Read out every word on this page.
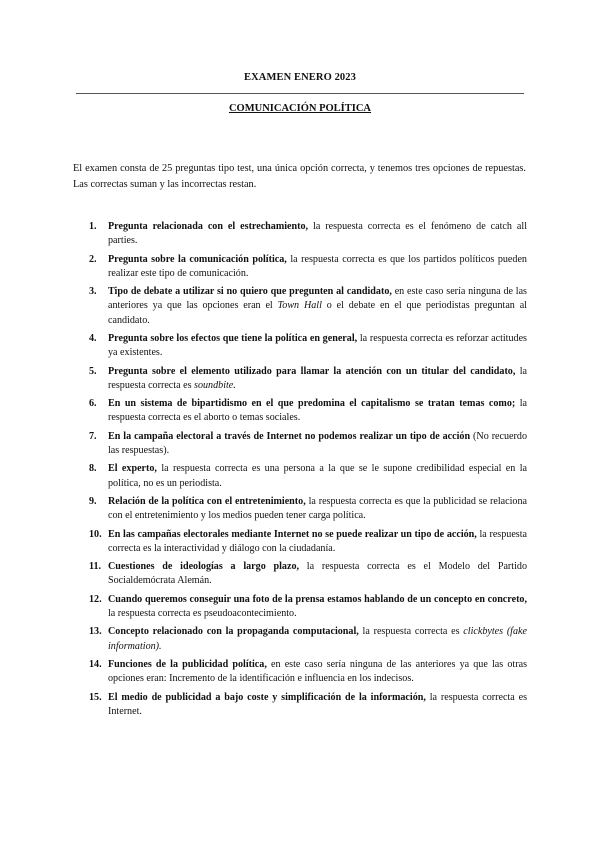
EXAMEN ENERO 2023
COMUNICACIÓN POLÍTICA

El examen consta de 25 preguntas tipo test, una única opción correcta, y tenemos tres opciones de repuestas. Las correctas suman y las incorrectas restan.

1. Pregunta relacionada con el estrechamiento, la respuesta correcta es el fenómeno de catch all parties.
2. Pregunta sobre la comunicación política, la respuesta correcta es que los partidos políticos pueden realizar este tipo de comunicación.
3. Tipo de debate a utilizar si no quiero que pregunten al candidato, en este caso sería ninguna de las anteriores ya que las opciones eran el Town Hall o el debate en el que periodistas preguntan al candidato.
4. Pregunta sobre los efectos que tiene la política en general, la respuesta correcta es reforzar actitudes ya existentes.
5. Pregunta sobre el elemento utilizado para llamar la atención con un titular del candidato, la respuesta correcta es soundbite.
6. En un sistema de bipartidismo en el que predomina el capitalismo se tratan temas como; la respuesta correcta es el aborto o temas sociales.
7. En la campaña electoral a través de Internet no podemos realizar un tipo de acción (No recuerdo las respuestas).
8. El experto, la respuesta correcta es una persona a la que se le supone credibilidad especial en la política, no es un periodista.
9. Relación de la política con el entretenimiento, la respuesta correcta es que la publicidad se relaciona con el entretenimiento y los medios pueden tener carga política.
10. En las campañas electorales mediante Internet no se puede realizar un tipo de acción, la respuesta correcta es la interactividad y diálogo con la ciudadanía.
11. Cuestiones de ideologías a largo plazo, la respuesta correcta es el Modelo del Partido Socialdemócrata Alemán.
12. Cuando queremos conseguir una foto de la prensa estamos hablando de un concepto en concreto, la respuesta correcta es pseudoacontecimiento.
13. Concepto relacionado con la propaganda computacional, la respuesta correcta es clickbytes (fake information).
14. Funciones de la publicidad política, en este caso sería ninguna de las anteriores ya que las otras opciones eran: Incremento de la identificación e influencia en los indecisos.
15. El medio de publicidad a bajo coste y simplificación de la información, la respuesta correcta es Internet.
